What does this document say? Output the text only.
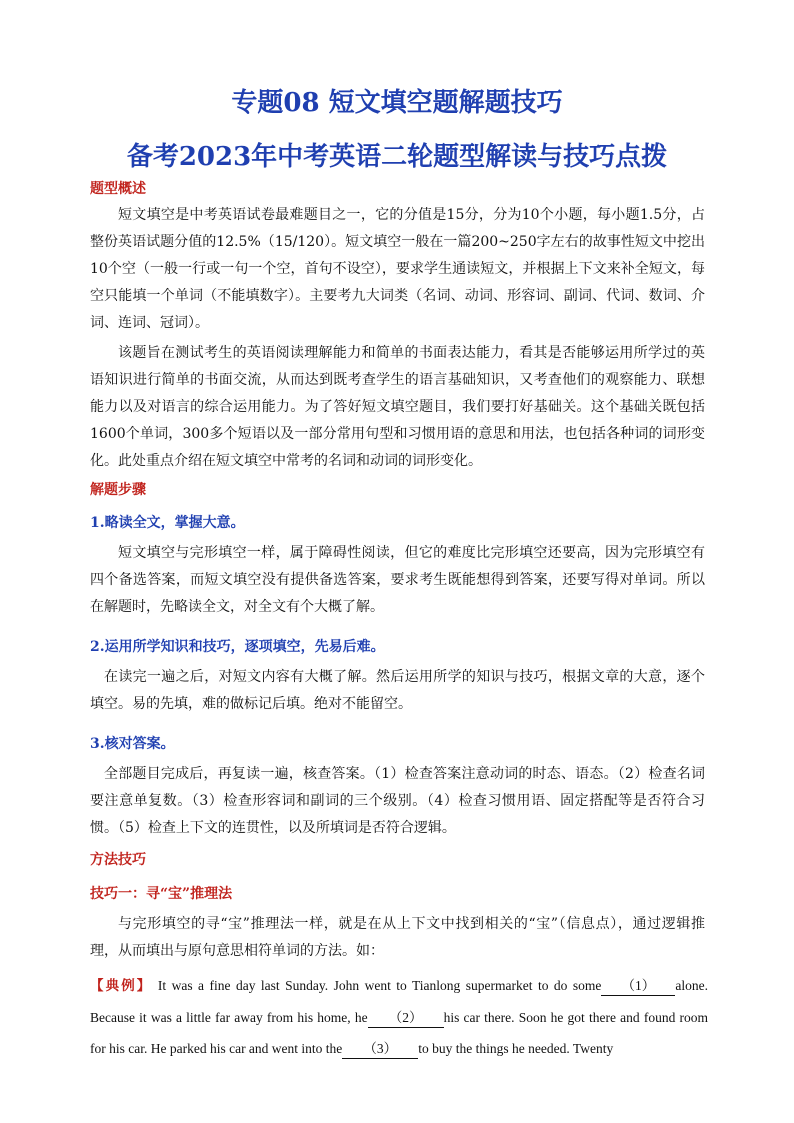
专题08 短文填空题解题技巧
备考2023年中考英语二轮题型解读与技巧点拨
题型概述

短文填空是中考英语试卷最难题目之一，它的分值是15分，分为10个小题，每小题1.5分，占整份英语试题分值的12.5%（15/120）。短文填空一般在一篇200~250字左右的故事性短文中挖出10个空（一般一行或一句一个空，首句不设空），要求学生通读短文，并根据上下文来补全短文，每空只能填一个单词（不能填数字）。主要考九大词类（名词、动词、形容词、副词、代词、数词、介词、连词、冠词）。

该题旨在测试考生的英语阅读理解能力和简单的书面表达能力，看其是否能够运用所学过的英语知识进行简单的书面交流，从而达到既考查学生的语言基础知识，又考查他们的观察能力、联想能力以及对语言的综合运用能力。为了答好短文填空题目，我们要打好基础关。这个基础关既包括1600个单词，300多个短语以及一部分常用句型和习惯用语的意思和用法，也包括各种词的词形变化。此处重点介绍在短文填空中常考的名词和动词的词形变化。

解题步骤
1.略读全文，掌握大意。

短文填空与完形填空一样，属于障碍性阅读，但它的难度比完形填空还要高，因为完形填空有四个备选答案，而短文填空没有提供备选答案，要求考生既能想得到答案，还要写得对单词。所以在解题时，先略读全文，对全文有个大概了解。

2.运用所学知识和技巧，逐项填空，先易后难。

在读完一遍之后，对短文内容有大概了解。然后运用所学的知识与技巧，根据文章的大意，逐个填空。易的先填，难的做标记后填。绝对不能留空。

3.核对答案。

全部题目完成后，再复读一遍，核查答案。（1）检查答案注意动词的时态、语态。（2）检查名词要注意单复数。（3）检查形容词和副词的三个级别。（4）检查习惯用语、固定搭配等是否符合习惯。（5）检查上下文的连贯性，以及所填词是否符合逻辑。

方法技巧
技巧一：寻“宝”推理法

与完形填空的寻“宝”推理法一样，就是在从上下文中找到相关的“宝”（信息点），通过逻辑推理，从而填出与原句意思相符单词的方法。如：

【典例】 It was a fine day last Sunday. John went to Tianlong supermarket to do some （1） alone. Because it was a little far away from his home, he （2） his car there. Soon he got there and found room for his car. He parked his car and went into the （3） to buy the things he needed. Twenty
